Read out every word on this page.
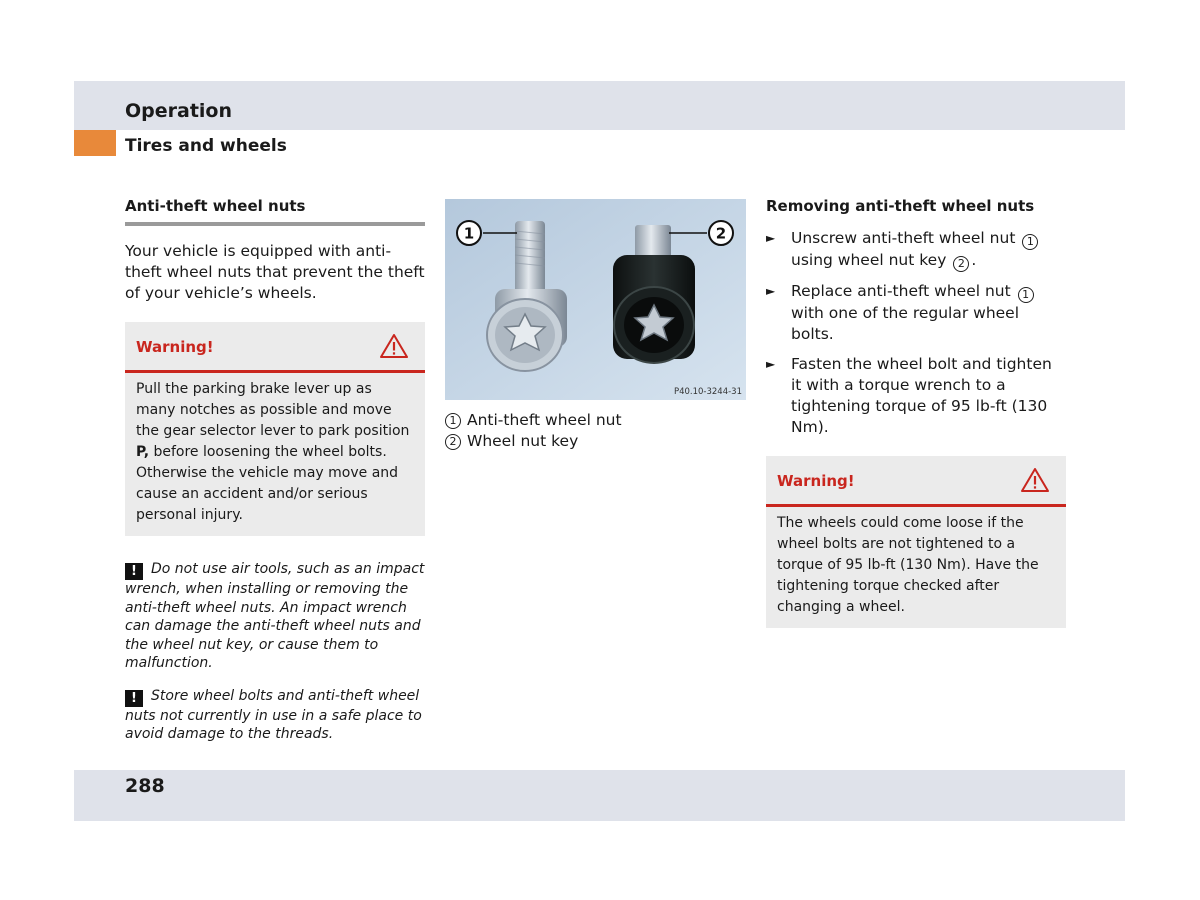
Operation
Tires and wheels
Anti-theft wheel nuts

Your vehicle is equipped with anti-theft wheel nuts that prevent the theft of your vehicle’s wheels.

Warning!

Pull the parking brake lever up as many notches as possible and move the gear selector lever to park position P, before loosening the wheel bolts. Otherwise the vehicle may move and cause an accident and/or serious personal injury.

! Do not use air tools, such as an impact wrench, when installing or removing the anti-theft wheel nuts. An impact wrench can damage the anti-theft wheel nuts and the wheel nut key, or cause them to malfunction.
! Store wheel bolts and anti-theft wheel nuts not currently in use in a safe place to avoid damage to the threads.
1	2
P40.10-3244-31
1 Anti-theft wheel nut
2 Wheel nut key
Removing anti-theft wheel nuts
► Unscrew anti-theft wheel nut 1 using wheel nut key 2 .
► Replace anti-theft wheel nut 1 with one of the regular wheel bolts.
► Fasten the wheel bolt and tighten it with a torque wrench to a tightening torque of 95 lb-ft (130 Nm).
Warning!

The wheels could come loose if the wheel bolts are not tightened to a torque of 95 lb-ft (130 Nm). Have the tightening torque checked after changing a wheel.

288
